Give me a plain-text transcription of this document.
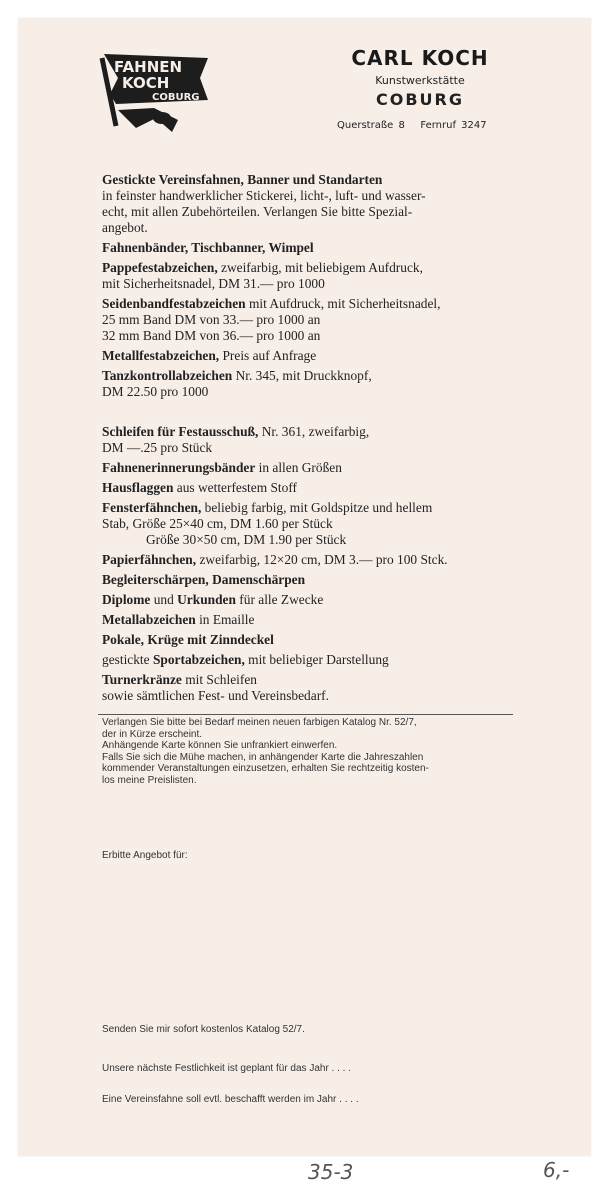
FAHNEN
KOCH
COBURG
CARL KOCH
Kunstwerkstätte
COBURG
Querstraße 8 Fernruf 3247
Gestickte Vereinsfahnen, Banner und Standarten
in feinster handwerklicher Stickerei, licht-, luft- und wasser-
echt, mit allen Zubehörteilen. Verlangen Sie bitte Spezial-
angebot.
Fahnenbänder, Tischbanner, Wimpel
Pappefestabzeichen, zweifarbig, mit beliebigem Aufdruck,
mit Sicherheitsnadel, DM 31.— pro 1000
Seidenbandfestabzeichen mit Aufdruck, mit Sicherheitsnadel,
25 mm Band DM von 33.— pro 1000 an
32 mm Band DM von 36.— pro 1000 an
Metallfestabzeichen, Preis auf Anfrage
Tanzkontrollabzeichen Nr. 345, mit Druckknopf,
DM 22.50 pro 1000
Schleifen für Festausschuß, Nr. 361, zweifarbig,
DM —.25 pro Stück
Fahnenerinnerungsbänder in allen Größen
Hausflaggen aus wetterfestem Stoff
Fensterfähnchen, beliebig farbig, mit Goldspitze und hellem
Stab, Größe 25×40 cm, DM 1.60 per Stück
Größe 30×50 cm, DM 1.90 per Stück
Papierfähnchen, zweifarbig, 12×20 cm, DM 3.— pro 100 Stck.
Begleiterschärpen, Damenschärpen
Diplome und Urkunden für alle Zwecke
Metallabzeichen in Emaille
Pokale, Krüge mit Zinndeckel
gestickte Sportabzeichen, mit beliebiger Darstellung
Turnerkränze mit Schleifen
sowie sämtlichen Fest- und Vereinsbedarf.
Verlangen Sie bitte bei Bedarf meinen neuen farbigen Katalog Nr. 52/7,
der in Kürze erscheint.
Anhängende Karte können Sie unfrankiert einwerfen.
Falls Sie sich die Mühe machen, in anhängender Karte die Jahreszahlen
kommender Veranstaltungen einzusetzen, erhalten Sie rechtzeitig kosten-
los meine Preislisten.
Erbitte Angebot für:
Senden Sie mir sofort kostenlos Katalog 52/7.
Unsere nächste Festlichkeit ist geplant für das Jahr . . . .
Eine Vereinsfahne soll evtl. beschafft werden im Jahr . . . .
35-3	6,-
